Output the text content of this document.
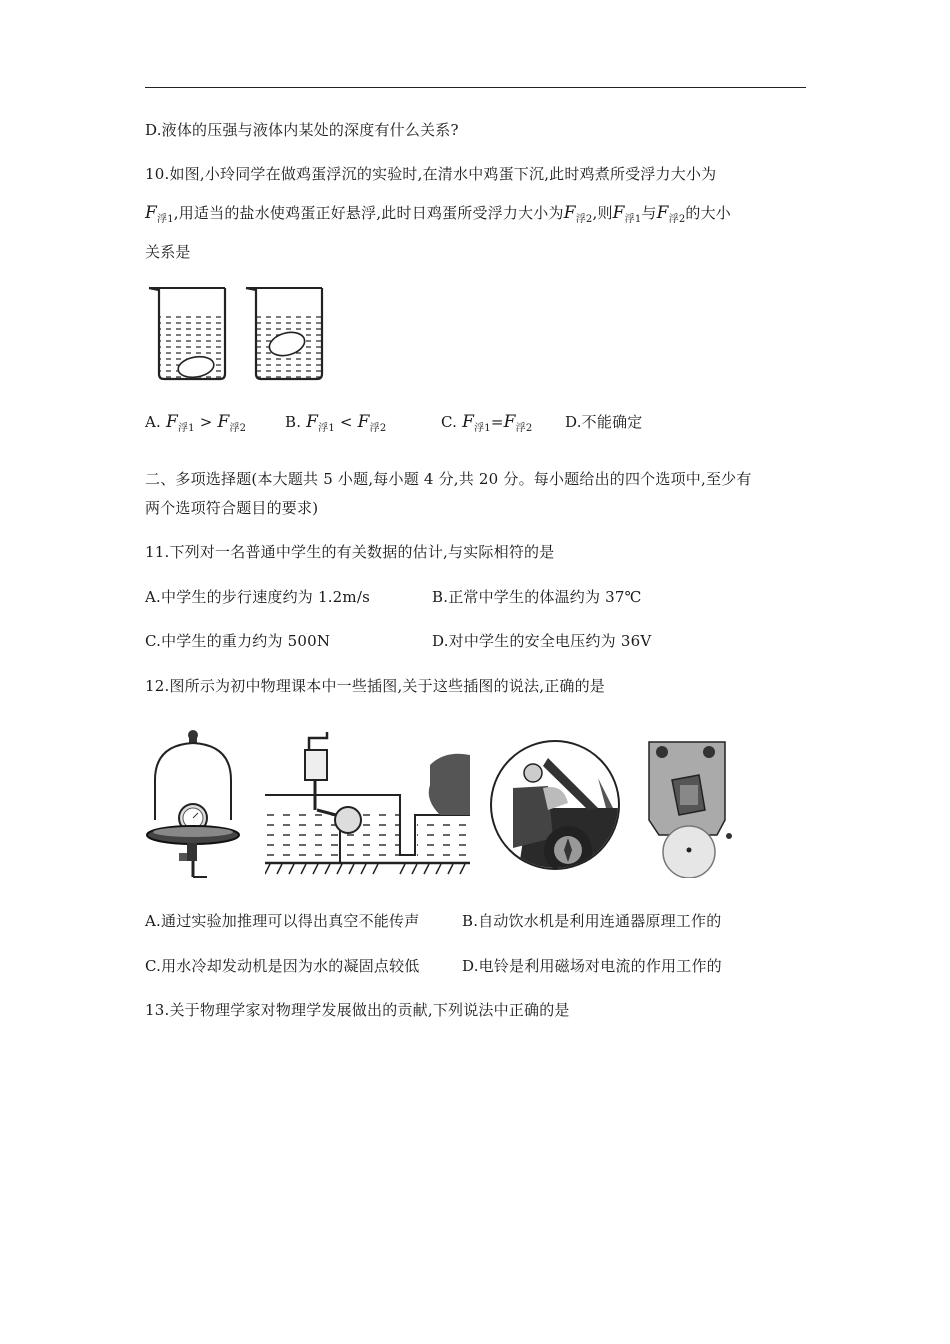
D.液体的压强与液体内某处的深度有什么关系?
10.如图,小玲同学在做鸡蛋浮沉的实验时,在清水中鸡蛋下沉,此时鸡煮所受浮力大小为
$F_{浮1}$,用适当的盐水使鸡蛋正好悬浮,此时日鸡蛋所受浮力大小为$F_{浮2}$,则$F_{浮1}$与$F_{浮2}$的大小
关系是
A. $F_{浮1} > F_{浮2}$	B. $F_{浮1} < F_{浮2}$	C. $F_{浮1}=F_{浮2}$ D.不能确定
二、多项选择题(本大题共 5 小题,每小题 4 分,共 20 分。每小题给出的四个选项中,至少有
两个选项符合题目的要求)
11.下列对一名普通中学生的有关数据的估计,与实际相符的是
A.中学生的步行速度约为 1.2m/s	B.正常中学生的体温约为 37℃
C.中学生的重力约为 500N	D.对中学生的安全电压约为 36V
12.图所示为初中物理课本中一些插图,关于这些插图的说法,正确的是
A.通过实验加推理可以得出真空不能传声	B.自动饮水机是利用连通器原理工作的
C.用水冷却发动机是因为水的凝固点较低	D.电铃是利用磁场对电流的作用工作的
13.关于物理学家对物理学发展做出的贡献,下列说法中正确的是
